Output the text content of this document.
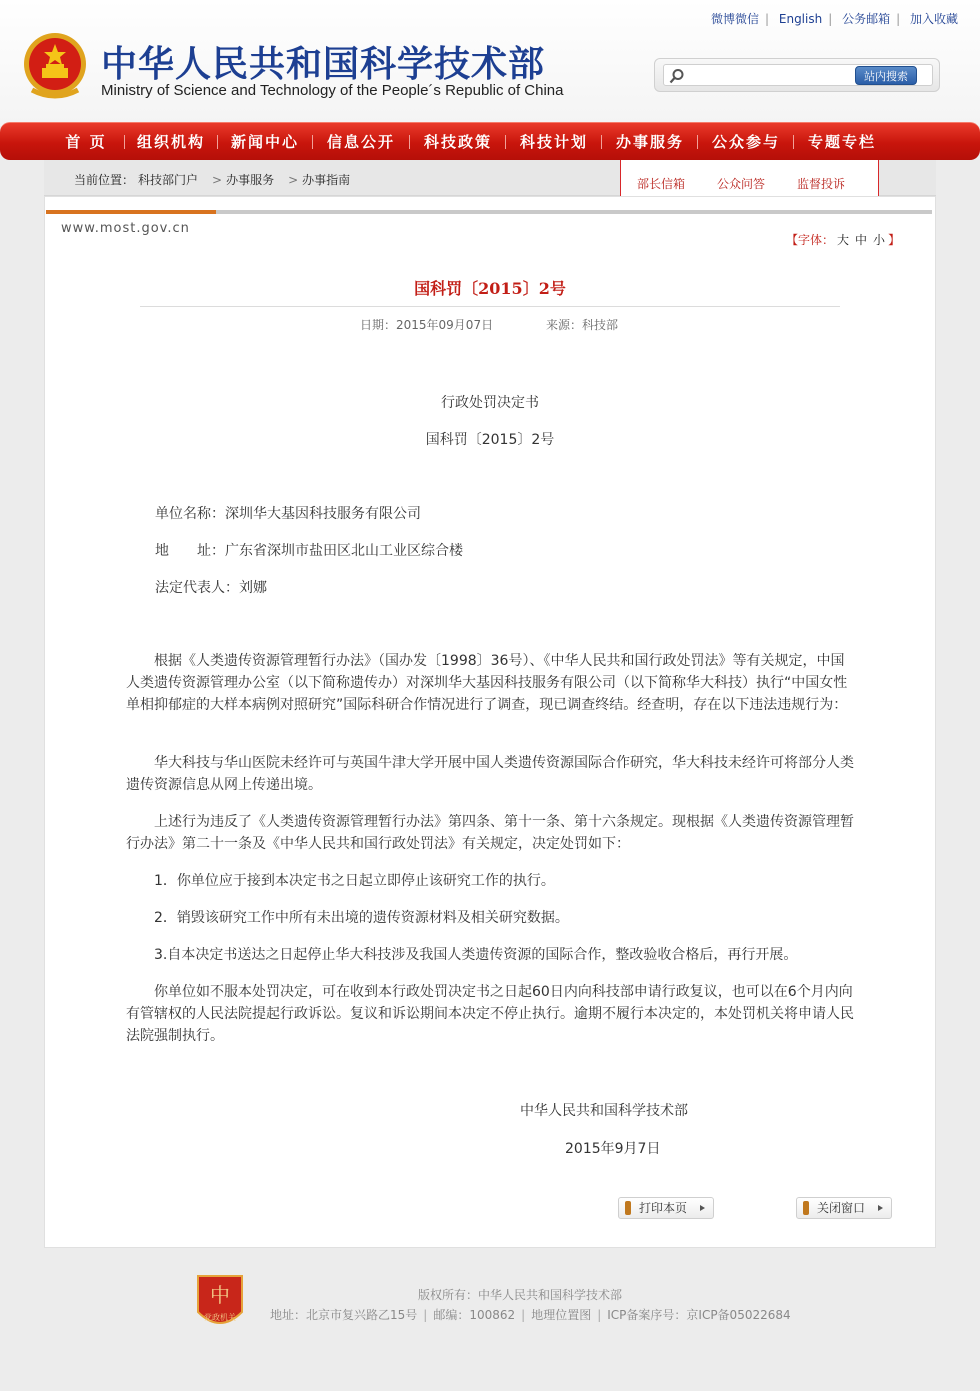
中华人民共和国科学技术部
Ministry of Science and Technology of the People´s Republic of China
微博微信 | English | 公务邮箱 | 加入收藏
站内搜索
首 页	组织机构	新闻中心	信息公开	科技政策	科技计划	办事服务	公众参与	专题专栏
当前位置： 科技部门户 > 办事服务 > 办事指南	部长信箱	公众问答	监督投诉
www.most.gov.cn
【字体： 大 中 小 】
国科罚〔2015〕2号
日期：2015年09月07日	来源：科技部
行政处罚决定书
国科罚〔2015〕2号
单位名称：深圳华大基因科技服务有限公司
地　　址：广东省深圳市盐田区北山工业区综合楼
法定代表人：刘娜
根据《人类遗传资源管理暂行办法》（国办发〔1998〕36号）、《中华人民共和国行政处罚法》等有关规定，中国人类遗传资源管理办公室（以下简称遗传办）对深圳华大基因科技服务有限公司（以下简称华大科技）执行“中国女性单相抑郁症的大样本病例对照研究”国际科研合作情况进行了调查，现已调查终结。经查明，存在以下违法违规行为：
华大科技与华山医院未经许可与英国牛津大学开展中国人类遗传资源国际合作研究，华大科技未经许可将部分人类遗传资源信息从网上传递出境。
上述行为违反了《人类遗传资源管理暂行办法》第四条、第十一条、第十六条规定。现根据《人类遗传资源管理暂行办法》第二十一条及《中华人民共和国行政处罚法》有关规定，决定处罚如下：
1．你单位应于接到本决定书之日起立即停止该研究工作的执行。
2．销毁该研究工作中所有未出境的遗传资源材料及相关研究数据。
3.自本决定书送达之日起停止华大科技涉及我国人类遗传资源的国际合作，整改验收合格后，再行开展。
你单位如不服本处罚决定，可在收到本行政处罚决定书之日起60日内向科技部申请行政复议，也可以在6个月内向有管辖权的人民法院提起行政诉讼。复议和诉讼期间本决定不停止执行。逾期不履行本决定的，本处罚机关将申请人民法院强制执行。
中华人民共和国科学技术部
2015年9月7日
打印本页	关闭窗口
中
党政机关
版权所有：中华人民共和国科学技术部
地址：北京市复兴路乙15号 | 邮编：100862 | 地理位置图 | ICP备案序号：京ICP备05022684
